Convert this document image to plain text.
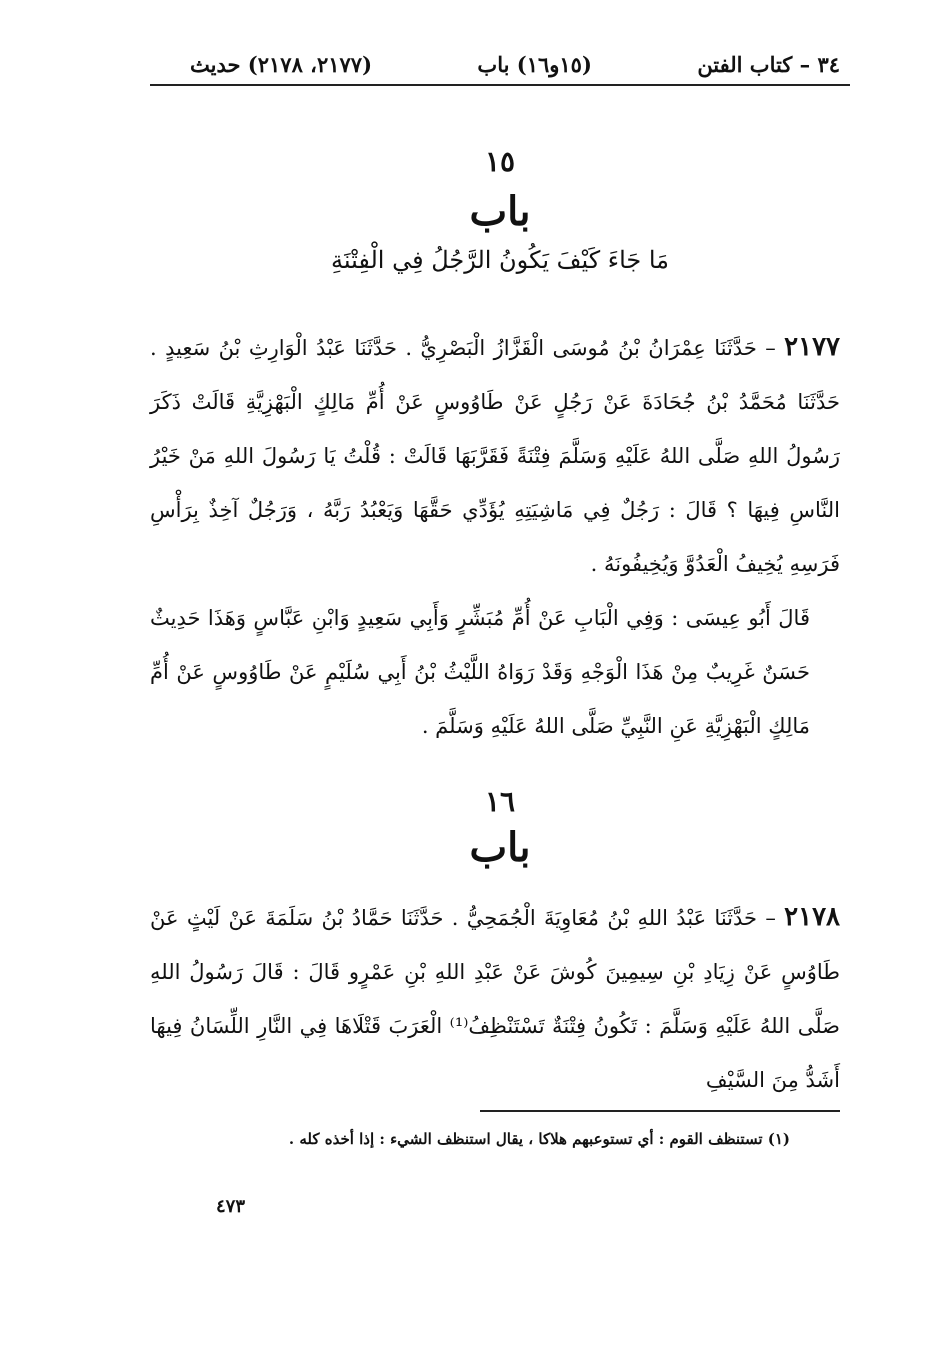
٣٤ – كتاب الفتن
(١٥و١٦) باب
(٢١٧٧، ٢١٧٨) حديث
١٥
باب
مَا جَاءَ كَيْفَ يَكُونُ الرَّجُلُ فِي الْفِتْنَةِ

٢١٧٧ – حَدَّثَنَا عِمْرَانُ بْنُ مُوسَى الْقَزَّازُ الْبَصْرِيُّ . حَدَّثَنَا عَبْدُ الْوَارِثِ بْنُ سَعِيدٍ . حَدَّثَنَا مُحَمَّدُ بْنُ جُحَادَةَ عَنْ رَجُلٍ عَنْ طَاوُوسٍ عَنْ أُمِّ مَالِكٍ الْبَهْزِيَّةِ قَالَتْ ذَكَرَ رَسُولُ اللهِ صَلَّى اللهُ عَلَيْهِ وَسَلَّمَ فِتْنَةً فَقَرَّبَهَا قَالَتْ : قُلْتُ يَا رَسُولَ اللهِ مَنْ خَيْرُ النَّاسِ فِيهَا ؟ قَالَ : رَجُلٌ فِي مَاشِيَتِهِ يُؤَدِّي حَقَّهَا وَيَعْبُدُ رَبَّهُ ، وَرَجُلٌ آخِذٌ بِرَأْسِ فَرَسِهِ يُخِيفُ الْعَدُوَّ وَيُخِيفُونَهُ .

قَالَ أَبُو عِيسَى : وَفِي الْبَابِ عَنْ أُمِّ مُبَشِّرٍ وَأَبِي سَعِيدٍ وَابْنِ عَبَّاسٍ وَهَذَا حَدِيثٌ حَسَنٌ غَرِيبٌ مِنْ هَذَا الْوَجْهِ وَقَدْ رَوَاهُ اللَّيْثُ بْنُ أَبِي سُلَيْمٍ عَنْ طَاوُوسٍ عَنْ أُمِّ مَالِكٍ الْبَهْزِيَّةِ عَنِ النَّبِيِّ صَلَّى اللهُ عَلَيْهِ وَسَلَّمَ .

١٦
باب

٢١٧٨ – حَدَّثَنَا عَبْدُ اللهِ بْنُ مُعَاوِيَةَ الْجُمَحِيُّ . حَدَّثَنَا حَمَّادُ بْنُ سَلَمَةَ عَنْ لَيْثٍ عَنْ طَاوُسٍ عَنْ زِيَادِ بْنِ سِيمِينَ كُوشَ عَنْ عَبْدِ اللهِ بْنِ عَمْرٍو قَالَ : قَالَ رَسُولُ اللهِ صَلَّى اللهُ عَلَيْهِ وَسَلَّمَ : تَكُونُ فِتْنَةٌ تَسْتَنْظِفُ⁽¹⁾ الْعَرَبَ قَتْلَاهَا فِي النَّارِ اللِّسَانُ فِيهَا أَشَدُّ مِنَ السَّيْفِ

(١) تستنظف القوم : أي تستوعبهم هلاكا ، يقال استنظف الشيء : إذا أخذه كله .
٤٧٣
